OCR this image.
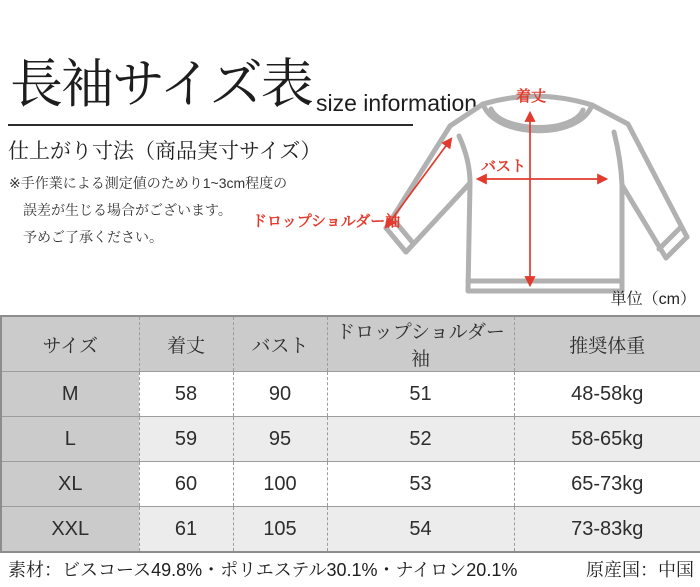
長袖サイズ表 size information
仕上がり寸法（商品実寸サイズ）
※手作業による測定値のためり1~3cm程度の
誤差が生じる場合がございます。
予めご了承ください。
着丈
バスト
ドロップショルダー袖
単位（cm）
サイズ	着丈	バスト	ドロップショルダー袖	推奨体重
M	58	90	51	48-58kg
L	59	95	52	58-65kg
XL	60	100	53	65-73kg
XXL	61	105	54	73-83kg
素材：ビスコース49.8%・ポリエステル30.1%・ナイロン20.1%	原産国：中国
